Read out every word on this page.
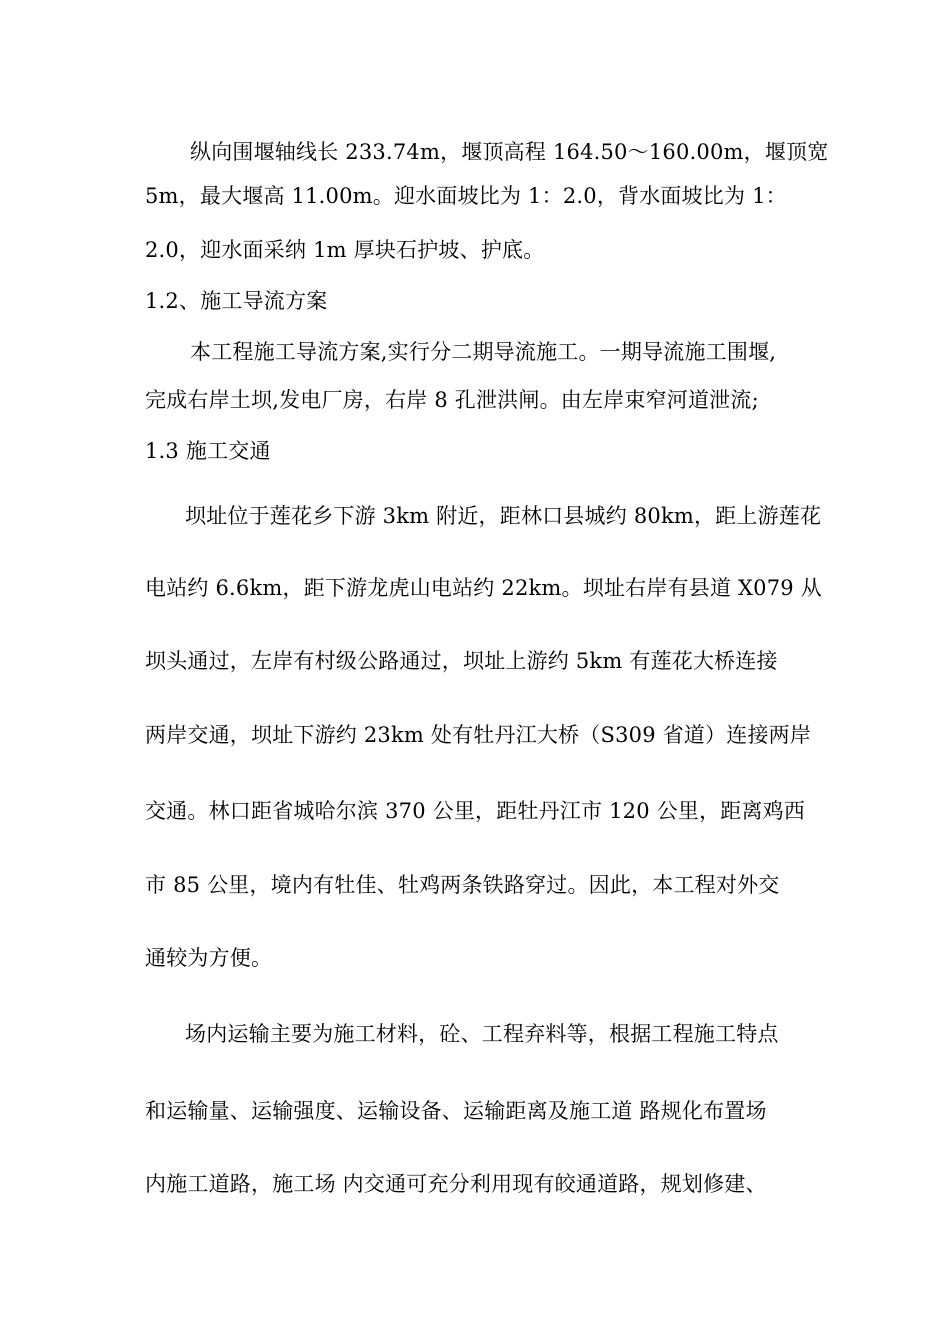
纵向围堰轴线长 233.74m，堰顶高程 164.50～160.00m，堰顶宽
5m，最大堰高 11.00m。迎水面坡比为 1：2.0，背水面坡比为 1：
2.0，迎水面采纳 1m 厚块石护坡、护底。
1.2、施工导流方案
本工程施工导流方案,实行分二期导流施工。一期导流施工围堰,
完成右岸土坝,发电厂房，右岸 8 孔泄洪闸。由左岸束窄河道泄流;
1.3 施工交通
坝址位于莲花乡下游 3km 附近，距林口县城约 80km，距上游莲花
电站约 6.6km，距下游龙虎山电站约 22km。坝址右岸有县道 X079 从
坝头通过，左岸有村级公路通过，坝址上游约 5km 有莲花大桥连接
两岸交通，坝址下游约 23km 处有牡丹江大桥（S309 省道）连接两岸
交通。林口距省城哈尔滨 370 公里，距牡丹江市 120 公里，距离鸡西
市 85 公里，境内有牡佳、牡鸡两条铁路穿过。因此，本工程对外交
通较为方便。
场内运输主要为施工材料，砼、工程弃料等，根据工程施工特点
和运输量、运输强度、运输设备、运输距离及施工道 路规化布置场
内施工道路，施工场 内交通可充分利用现有皎通道路，规划修建、
